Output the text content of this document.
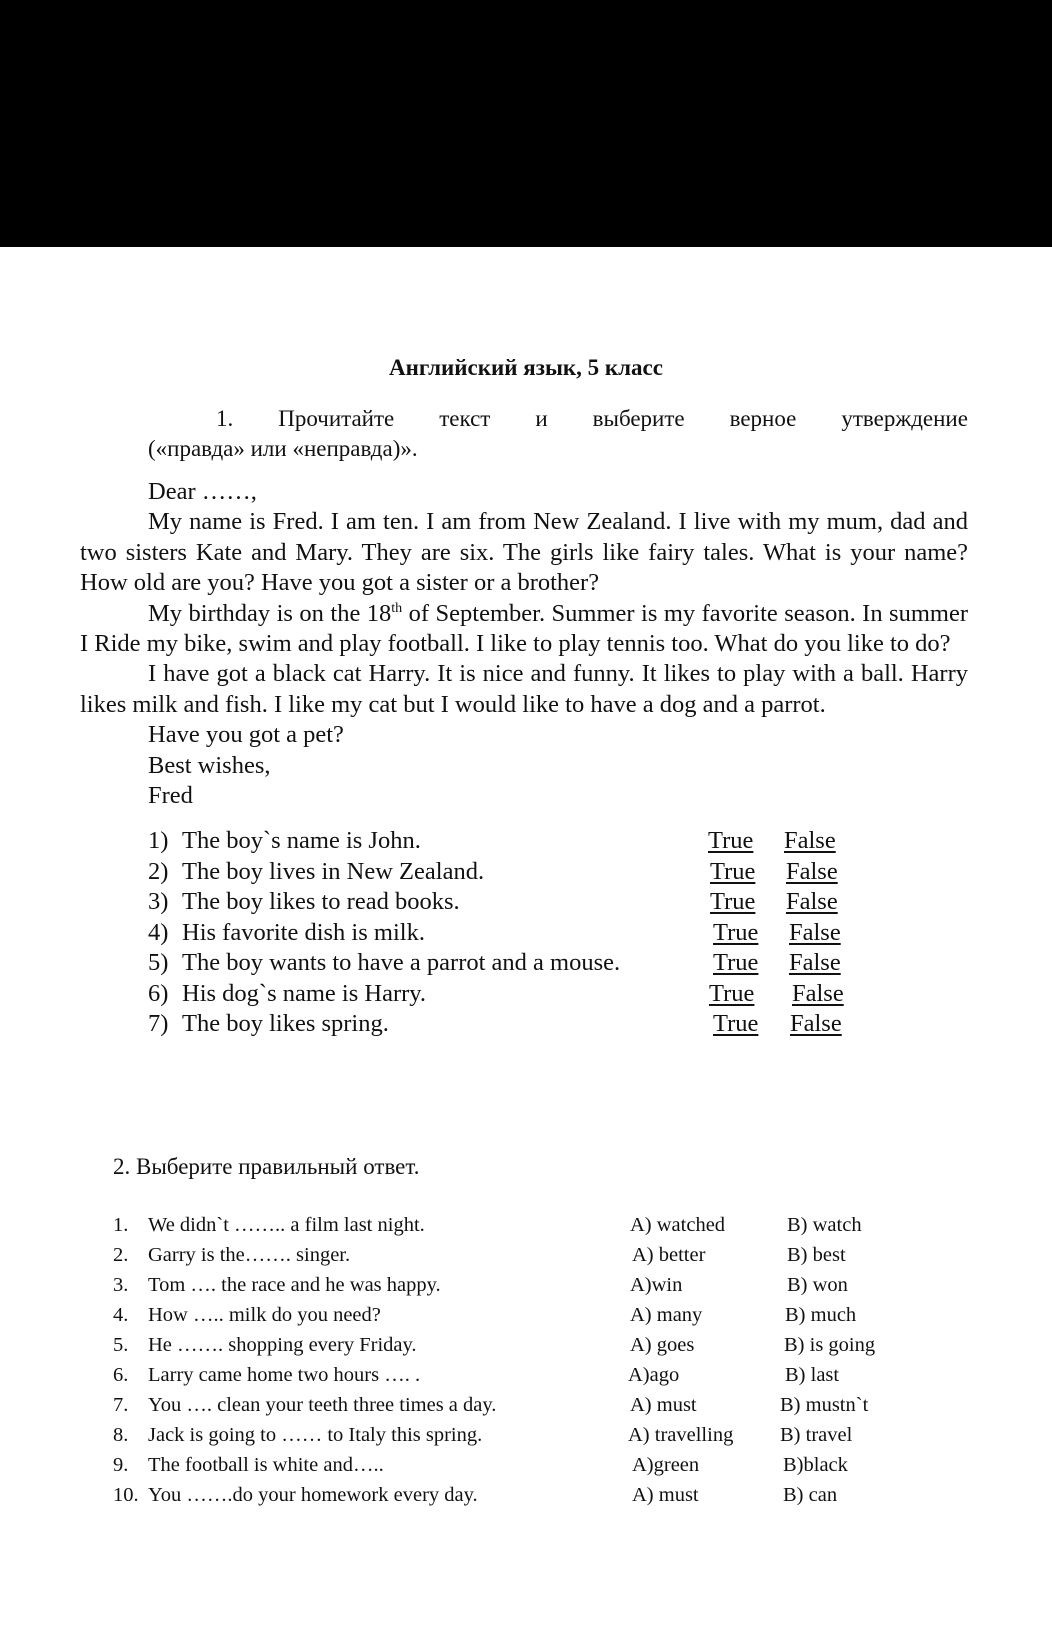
Английский язык, 5 класс
1. Прочитайте текст и выберите верное утверждение
(«правда» или «неправда)».

Dear ……,

My name is Fred. I am ten. I am from New Zealand. I live with my mum, dad and two sisters Kate and Mary. They are six. The girls like fairy tales. What is your name? How old are you? Have you got a sister or a brother?

My birthday is on the 18th of September. Summer is my favorite season. In summer I Ride my bike, swim and play football. I like to play tennis too. What do you like to do?

I have got a black cat Harry. It is nice and funny. It likes to play with a ball. Harry likes milk and fish. I like my cat but I would like to have a dog and a parrot.

Have you got a pet?

Best wishes,

Fred

1) The boy`s name is John.	True False
2) The boy lives in New Zealand.	True False
3) The boy likes to read books.	True False
4) His favorite dish is milk.	True False
5) The boy wants to have a parrot and a mouse.	True False
6) His dog`s name is Harry.	True False
7) The boy likes spring.	True False
2. Выберите правильный ответ.
1. We didn`t …….. a film last night.	A) watched	B) watch
2. Garry is the……. singer.	A) better	B) best
3. Tom …. the race and he was happy.	A)win	B) won
4. How ….. milk do you need?	A) many	B) much
5. He ……. shopping every Friday.	A) goes	B) is going
6. Larry came home two hours …. .	A)ago	B) last
7. You …. clean your teeth three times a day.	A) must	B) mustn`t
8. Jack is going to …… to Italy this spring.	A) travelling B) travel
9. The football is white and…..	A)green	B)black
10. You …….do your homework every day.	A) must	B) can
